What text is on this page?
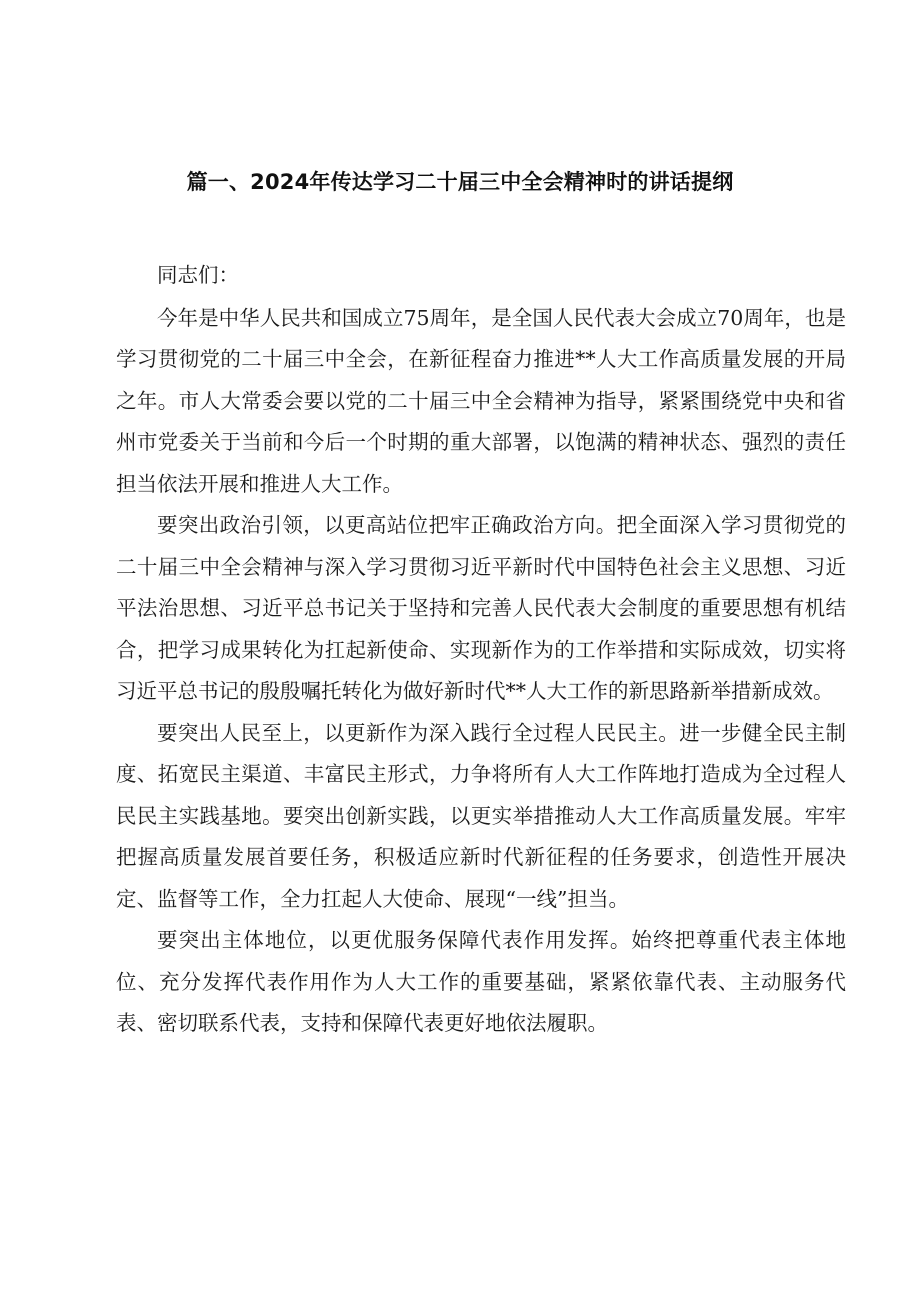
篇一、2024年传达学习二十届三中全会精神时的讲话提纲

同志们：

今年是中华人民共和国成立75周年，是全国人民代表大会成立70周年，也是学习贯彻党的二十届三中全会，在新征程奋力推进**人大工作高质量发展的开局之年。市人大常委会要以党的二十届三中全会精神为指导，紧紧围绕党中央和省州市党委关于当前和今后一个时期的重大部署，以饱满的精神状态、强烈的责任担当依法开展和推进人大工作。

要突出政治引领，以更高站位把牢正确政治方向。把全面深入学习贯彻党的二十届三中全会精神与深入学习贯彻习近平新时代中国特色社会主义思想、习近平法治思想、习近平总书记关于坚持和完善人民代表大会制度的重要思想有机结合，把学习成果转化为扛起新使命、实现新作为的工作举措和实际成效，切实将习近平总书记的殷殷嘱托转化为做好新时代**人大工作的新思路新举措新成效。

要突出人民至上，以更新作为深入践行全过程人民民主。进一步健全民主制度、拓宽民主渠道、丰富民主形式，力争将所有人大工作阵地打造成为全过程人民民主实践基地。要突出创新实践，以更实举措推动人大工作高质量发展。牢牢把握高质量发展首要任务，积极适应新时代新征程的任务要求，创造性开展决定、监督等工作，全力扛起人大使命、展现“一线”担当。

要突出主体地位，以更优服务保障代表作用发挥。始终把尊重代表主体地位、充分发挥代表作用作为人大工作的重要基础，紧紧依靠代表、主动服务代表、密切联系代表，支持和保障代表更好地依法履职。
